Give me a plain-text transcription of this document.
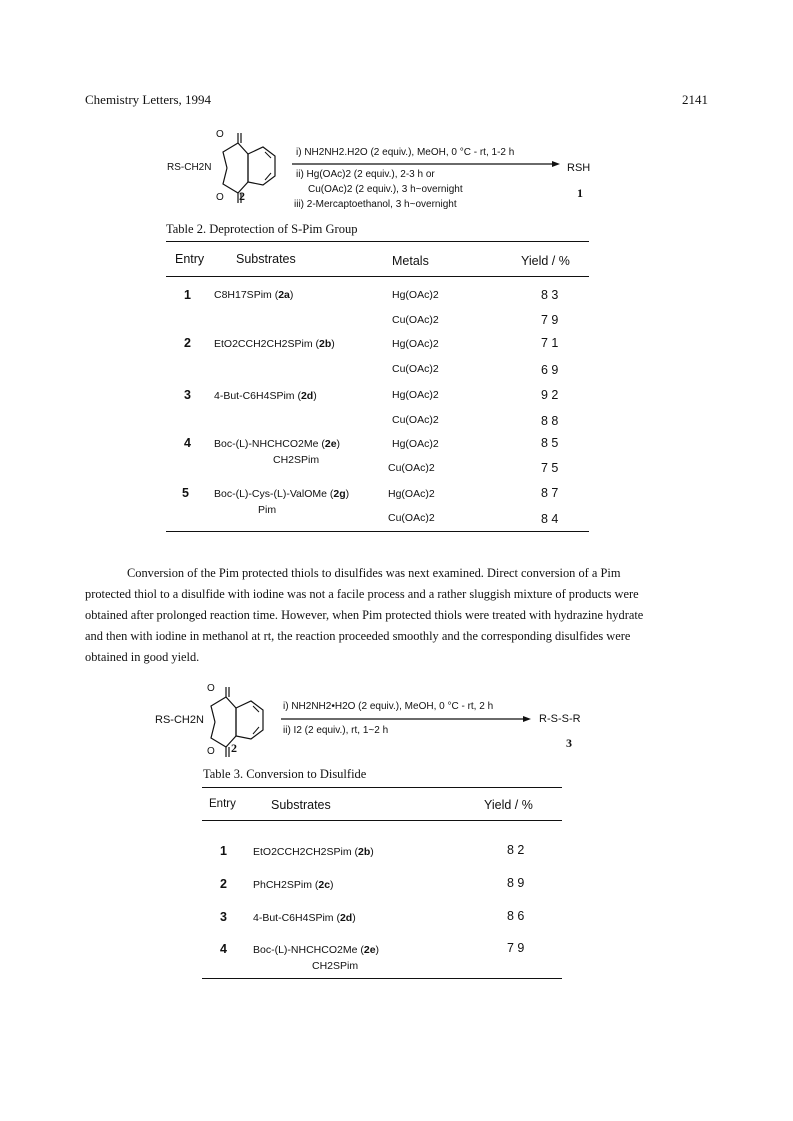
Chemistry Letters, 1994	2141
O
O
RS-CH2N
2
i) NH2NH2.H2O (2 equiv.), MeOH, 0 °C - rt, 1-2 h
ii) Hg(OAc)2 (2 equiv.), 2-3 h or
Cu(OAc)2 (2 equiv.), 3 h~overnight
iii) 2-Mercaptoethanol, 3 h~overnight
RSH
1
Table 2. Deprotection of S-Pim Group
Entry	Substrates	Metals	Yield / %
1 C8H17SPim (2a)	Hg(OAc)2	8 3
Cu(OAc)2	7 9
2 EtO2CCH2CH2SPim (2b)	Hg(OAc)2	7 1
Cu(OAc)2	6 9
3 4-But-C6H4SPim (2d)	Hg(OAc)2	9 2
Cu(OAc)2	8 8
4 Boc-(L)-NHCHCO2Me (2e)
CH2SPim
Hg(OAc)2	8 5
Cu(OAc)2	7 5
5 Boc-(L)-Cys-(L)-ValOMe (2g)
Pim
Hg(OAc)2	8 7
Cu(OAc)2	8 4

Conversion of the Pim protected thiols to disulfides was next examined. Direct conversion of a Pim

protected thiol to a disulfide with iodine was not a facile process and a rather sluggish mixture of products were

obtained after prolonged reaction time. However, when Pim protected thiols were treated with hydrazine hydrate

and then with iodine in methanol at rt, the reaction proceeded smoothly and the corresponding disulfides were

obtained in good yield.

O
O
RS-CH2N
2
i) NH2NH2•H2O (2 equiv.), MeOH, 0 °C - rt, 2 h
ii) I2 (2 equiv.), rt, 1~2 h
R-S-S-R
3
Table 3. Conversion to Disulfide
Entry	Substrates	Yield / %
1 EtO2CCH2CH2SPim (2b)	8 2
2 PhCH2SPim (2c)	8 9
3 4-But-C6H4SPim (2d)	8 6
4 Boc-(L)-NHCHCO2Me (2e)
CH2SPim
7 9
